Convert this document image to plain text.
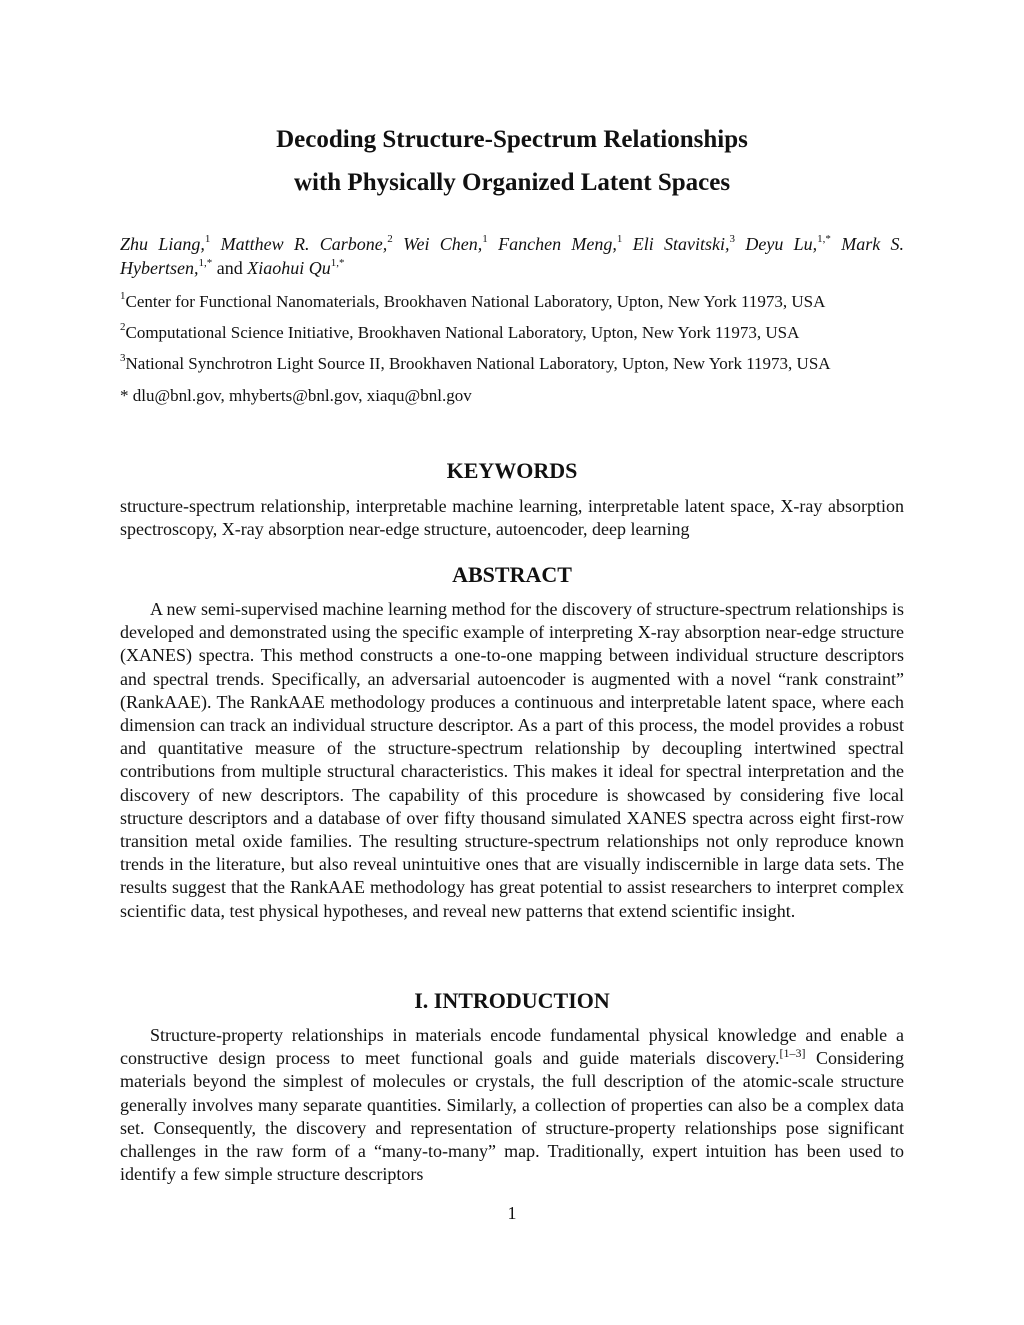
Decoding Structure-Spectrum Relationships
with Physically Organized Latent Spaces
Zhu Liang,$^1$ Matthew R. Carbone,$^2$ Wei Chen,$^1$ Fanchen Meng,$^1$ Eli Stavitski,$^3$ Deyu Lu,$^{1,*}$ Mark S. Hybertsen,$^{1,*}$ and Xiaohui $Qu^{1,*}$
$^1$Center for Functional Nanomaterials, Brookhaven National Laboratory, Upton, New York 11973, USA
$^2$Computational Science Initiative, Brookhaven National Laboratory, Upton, New York 11973, USA
$^3$National Synchrotron Light Source II, Brookhaven National Laboratory, Upton, New York 11973, USA
* dlu@bnl.gov, mhyberts@bnl.gov, xiaqu@bnl.gov
KEYWORDS

structure-spectrum relationship, interpretable machine learning, interpretable latent space, X-ray absorption spectroscopy, X-ray absorption near-edge structure, autoencoder, deep learning

ABSTRACT

A new semi-supervised machine learning method for the discovery of structure-spectrum relationships is developed and demonstrated using the specific example of interpreting X-ray absorption near-edge structure (XANES) spectra. This method constructs a one-to-one mapping between individual structure descriptors and spectral trends. Specifically, an adversarial autoencoder is augmented with a novel “rank constraint” (RankAAE). The RankAAE methodology produces a continuous and interpretable latent space, where each dimension can track an individual structure descriptor. As a part of this process, the model provides a robust and quantitative measure of the structure-spectrum relationship by decoupling intertwined spectral contributions from multiple structural characteristics. This makes it ideal for spectral interpretation and the discovery of new descriptors. The capability of this procedure is showcased by considering five local structure descriptors and a database of over fifty thousand simulated XANES spectra across eight first-row transition metal oxide families. The resulting structure-spectrum relationships not only reproduce known trends in the literature, but also reveal unintuitive ones that are visually indiscernible in large data sets. The results suggest that the RankAAE methodology has great potential to assist researchers to interpret complex scientific data, test physical hypotheses, and reveal new patterns that extend scientific insight.

I. INTRODUCTION

Structure-property relationships in materials encode fundamental physical knowledge and enable a constructive design process to meet functional goals and guide materials discovery.[1–3] Considering materials beyond the simplest of molecules or crystals, the full description of the atomic-scale structure generally involves many separate quantities. Similarly, a collection of properties can also be a complex data set. Consequently, the discovery and representation of structure-property relationships pose significant challenges in the raw form of a “many-to-many” map. Traditionally, expert intuition has been used to identify a few simple structure descriptors

1
